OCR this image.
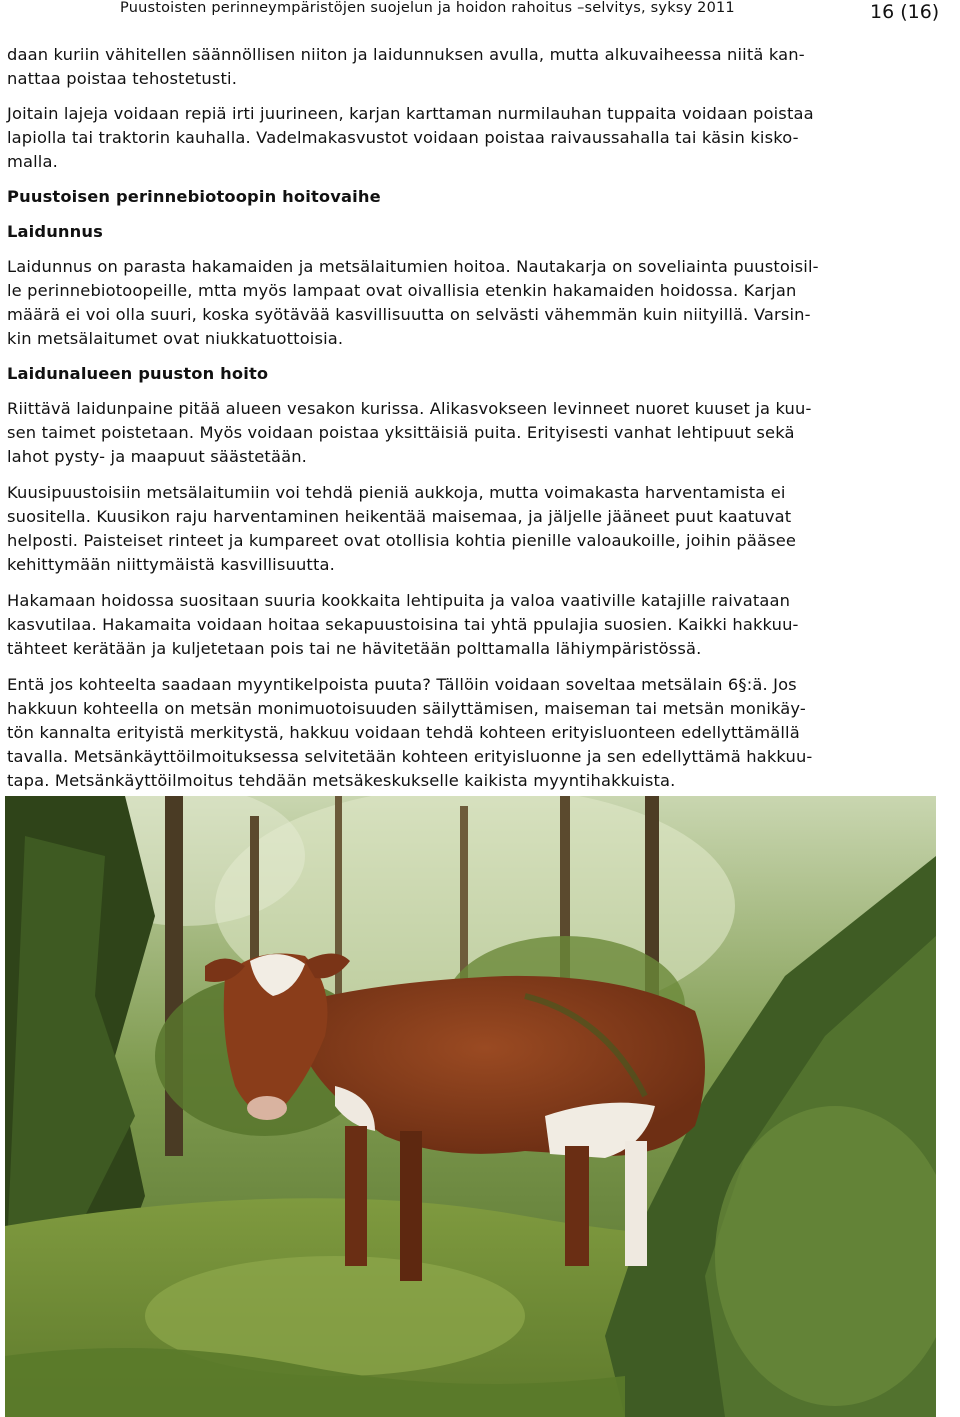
Puustoisten perinneympäristöjen suojelun ja hoidon rahoitus –selvitys, syksy 2011	16 (16)

daan kuriin vähitellen säännöllisen niiton ja laidunnuksen avulla, mutta alkuvaiheessa niitä kan-
nattaa poistaa tehostetusti.

Joitain lajeja voidaan repiä irti juurineen, karjan karttaman nurmilauhan tuppaita voidaan poistaa
lapiolla tai traktorin kauhalla. Vadelmakasvustot voidaan poistaa raivaussahalla tai käsin kisko-
malla.

Puustoisen perinnebiotoopin hoitovaihe

Laidunnus

Laidunnus on parasta hakamaiden ja metsälaitumien hoitoa. Nautakarja on soveliainta puustoisil-
le perinnebiotoopeille, mtta myös lampaat ovat oivallisia etenkin hakamaiden hoidossa. Karjan
määrä ei voi olla suuri, koska syötävää kasvillisuutta on selvästi vähemmän kuin niityillä. Varsin-
kin metsälaitumet ovat niukkatuottoisia.

Laidunalueen puuston hoito

Riittävä laidunpaine pitää alueen vesakon kurissa. Alikasvokseen levinneet nuoret kuuset ja kuu-
sen taimet poistetaan. Myös voidaan poistaa yksittäisiä puita. Erityisesti vanhat lehtipuut sekä
lahot pysty- ja maapuut säästetään.

Kuusipuustoisiin metsälaitumiin voi tehdä pieniä aukkoja, mutta voimakasta harventamista ei
suositella. Kuusikon raju harventaminen heikentää maisemaa, ja jäljelle jääneet puut kaatuvat
helposti. Paisteiset rinteet ja kumpareet ovat otollisia kohtia pienille valoaukoille, joihin pääsee
kehittymään niittymäistä kasvillisuutta.

Hakamaan hoidossa suositaan suuria kookkaita lehtipuita ja valoa vaativille katajille raivataan
kasvutilaa. Hakamaita voidaan hoitaa sekapuustoisina tai yhtä ppulajia suosien. Kaikki hakkuu-
tähteet kerätään ja kuljetetaan pois tai ne hävitetään polttamalla lähiympäristössä.

Entä jos kohteelta saadaan myyntikelpoista puuta? Tällöin voidaan soveltaa metsälain 6§:ä. Jos
hakkuun kohteella on metsän monimuotoisuuden säilyttämisen, maiseman tai metsän monikäy-
tön kannalta erityistä merkitystä, hakkuu voidaan tehdä kohteen erityisluonteen edellyttämällä
tavalla. Metsänkäyttöilmoituksessa selvitetään kohteen erityisluonne ja sen edellyttämä hakkuu-
tapa. Metsänkäyttöilmoitus tehdään metsäkeskukselle kaikista myyntihakkuista.
